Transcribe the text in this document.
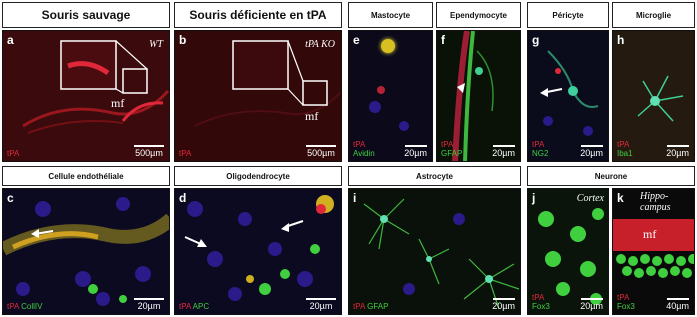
Souris sauvage	Souris déficiente en tPA	Mastocyte	Ependymocyte	Péricyte	Microglie
a	WT
mf
tPA	500µm
b	tPA KO
mf
tPA	500µm
e
tPA
Avidin	20µm
f
tPA
GFAP	20µm
g
tPA
NG2	20µm
h
tPA
Iba1	20µm
Cellule endothéliale	Oligodendrocyte	Astrocyte	Neurone
c
tPA CollIV	20µm
d
tPA APC	20µm
i
tPA GFAP	20µm
j	Cortex
tPA
Fox3	20µm
k Hippo-campus
mf
tPA
Fox3	40µm
